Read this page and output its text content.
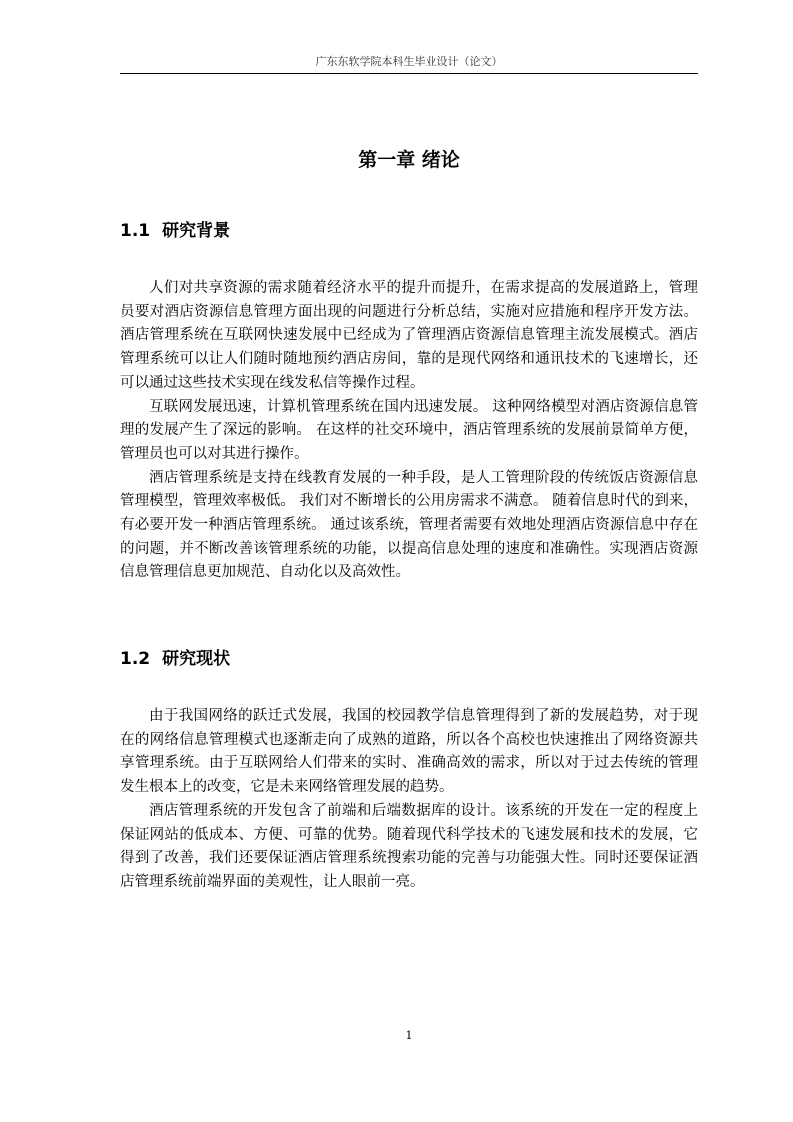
广东东软学院本科生毕业设计（论文）
第一章 绪论
1.1 研究背景

人们对共享资源的需求随着经济水平的提升而提升，在需求提高的发展道路上，管理员要对酒店资源信息管理方面出现的问题进行分析总结，实施对应措施和程序开发方法。酒店管理系统在互联网快速发展中已经成为了管理酒店资源信息管理主流发展模式。酒店管理系统可以让人们随时随地预约酒店房间，靠的是现代网络和通讯技术的飞速增长，还可以通过这些技术实现在线发私信等操作过程。

互联网发展迅速，计算机管理系统在国内迅速发展。 这种网络模型对酒店资源信息管理的发展产生了深远的影响。 在这样的社交环境中，酒店管理系统的发展前景简单方便，管理员也可以对其进行操作。

酒店管理系统是支持在线教育发展的一种手段，是人工管理阶段的传统饭店资源信息管理模型，管理效率极低。 我们对不断增长的公用房需求不满意。 随着信息时代的到来，有必要开发一种酒店管理系统。 通过该系统，管理者需要有效地处理酒店资源信息中存在的问题，并不断改善该管理系统的功能，以提高信息处理的速度和准确性。实现酒店资源信息管理信息更加规范、自动化以及高效性。

1.2 研究现状

由于我国网络的跃迁式发展，我国的校园教学信息管理得到了新的发展趋势，对于现在的网络信息管理模式也逐渐走向了成熟的道路，所以各个高校也快速推出了网络资源共享管理系统。由于互联网给人们带来的实时、准确高效的需求，所以对于过去传统的管理发生根本上的改变，它是未来网络管理发展的趋势。

酒店管理系统的开发包含了前端和后端数据库的设计。该系统的开发在一定的程度上保证网站的低成本、方便、可靠的优势。随着现代科学技术的飞速发展和技术的发展，它得到了改善，我们还要保证酒店管理系统搜索功能的完善与功能强大性。同时还要保证酒店管理系统前端界面的美观性，让人眼前一亮。

1
